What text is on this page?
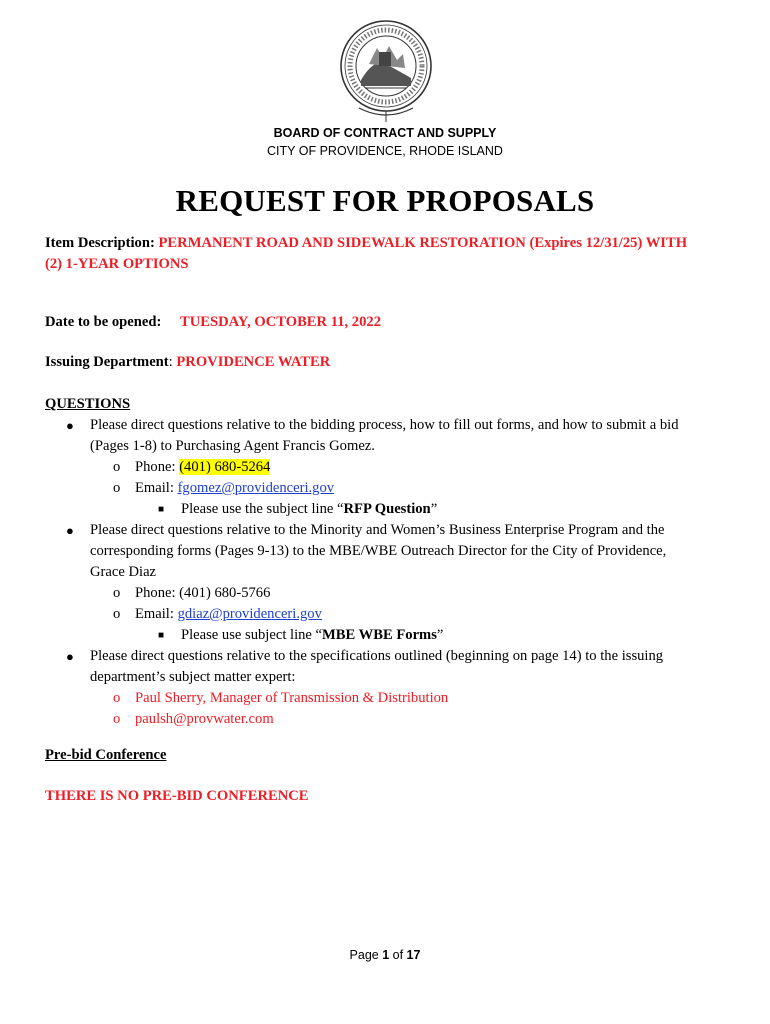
BOARD OF CONTRACT AND SUPPLY
CITY OF PROVIDENCE, RHODE ISLAND
REQUEST FOR PROPOSALS
Item Description: PERMANENT ROAD AND SIDEWALK RESTORATION (Expires 12/31/25) WITH
(2) 1-YEAR OPTIONS
Date to be opened: TUESDAY, OCTOBER 11, 2022
Issuing Department: PROVIDENCE WATER
QUESTIONS
● Please direct questions relative to the bidding process, how to fill out forms, and how to submit a bid
(Pages 1-8) to Purchasing Agent Francis Gomez.
o Phone: (401) 680-5264
o Email: fgomez@providenceri.gov
■ Please use the subject line “RFP Question”
● Please direct questions relative to the Minority and Women’s Business Enterprise Program and the
corresponding forms (Pages 9-13) to the MBE/WBE Outreach Director for the City of Providence,
Grace Diaz
o Phone: (401) 680-5766
o Email: gdiaz@providenceri.gov
■ Please use subject line “MBE WBE Forms”
● Please direct questions relative to the specifications outlined (beginning on page 14) to the issuing
department’s subject matter expert:
o Paul Sherry, Manager of Transmission & Distribution
o paulsh@provwater.com
Pre-bid Conference
THERE IS NO PRE-BID CONFERENCE
Page 1 of 17
